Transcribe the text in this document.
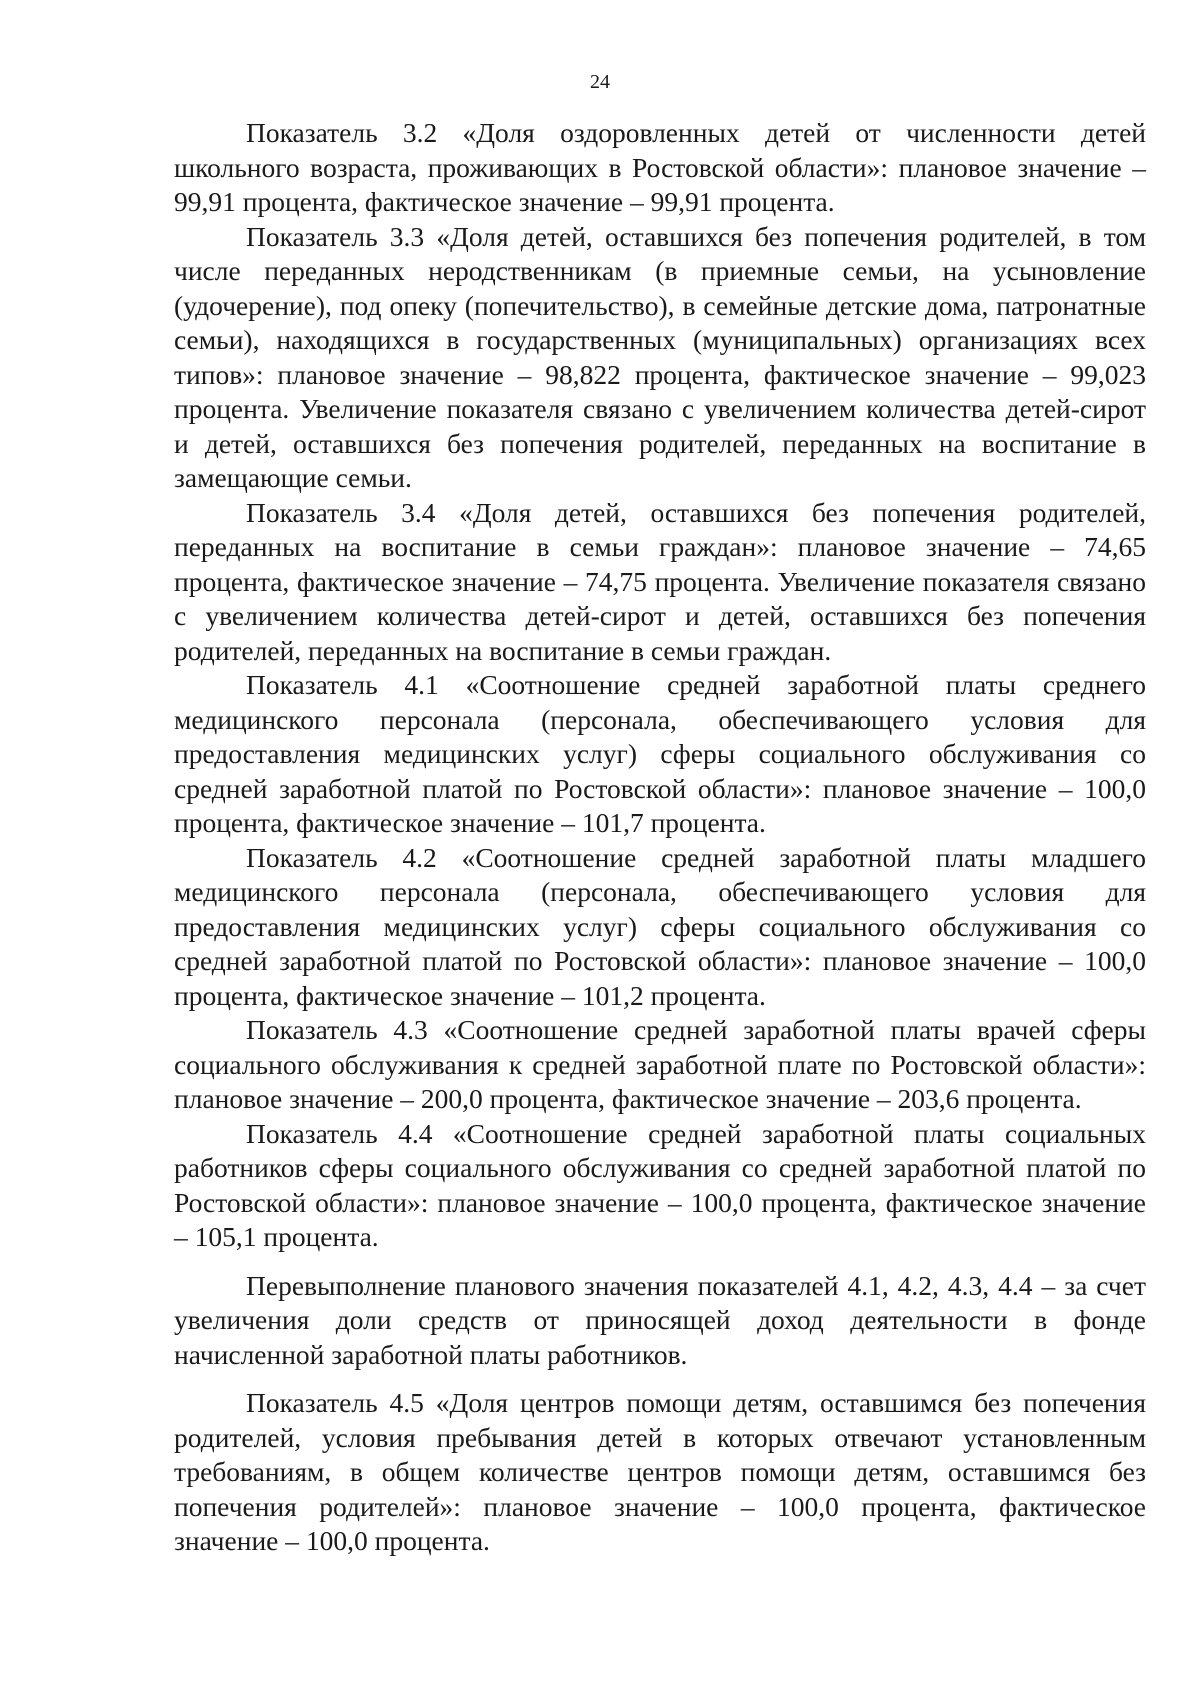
24

Показатель 3.2 «Доля оздоровленных детей от численности детей школьного возраста, проживающих в Ростовской области»: плановое значение – 99,91 процента, фактическое значение – 99,91 процента.

Показатель 3.3 «Доля детей, оставшихся без попечения родителей, в том числе переданных неродственникам (в приемные семьи, на усыновление (удочерение), под опеку (попечительство), в семейные детские дома, патронатные семьи), находящихся в государственных (муниципальных) организациях всех типов»: плановое значение – 98,822 процента, фактическое значение – 99,023 процента. Увеличение показателя связано с увеличением количества детей-сирот и детей, оставшихся без попечения родителей, переданных на воспитание в замещающие семьи.

Показатель 3.4 «Доля детей, оставшихся без попечения родителей, переданных на воспитание в семьи граждан»: плановое значение – 74,65 процента, фактическое значение – 74,75 процента. Увеличение показателя связано с увеличением количества детей-сирот и детей, оставшихся без попечения родителей, переданных на воспитание в семьи граждан.

Показатель 4.1 «Соотношение средней заработной платы среднего медицинского персонала (персонала, обеспечивающего условия для предоставления медицинских услуг) сферы социального обслуживания со средней заработной платой по Ростовской области»: плановое значение – 100,0 процента, фактическое значение – 101,7 процента.

Показатель 4.2 «Соотношение средней заработной платы младшего медицинского персонала (персонала, обеспечивающего условия для предоставления медицинских услуг) сферы социального обслуживания со средней заработной платой по Ростовской области»: плановое значение – 100,0 процента, фактическое значение – 101,2 процента.

Показатель 4.3 «Соотношение средней заработной платы врачей сферы социального обслуживания к средней заработной плате по Ростовской области»: плановое значение – 200,0 процента, фактическое значение – 203,6 процента.

Показатель 4.4 «Соотношение средней заработной платы социальных работников сферы социального обслуживания со средней заработной платой по Ростовской области»: плановое значение – 100,0 процента, фактическое значение – 105,1 процента.

Перевыполнение планового значения показателей 4.1, 4.2, 4.3, 4.4 – за счет увеличения доли средств от приносящей доход деятельности в фонде начисленной заработной платы работников.

Показатель 4.5 «Доля центров помощи детям, оставшимся без попечения родителей, условия пребывания детей в которых отвечают установленным требованиям, в общем количестве центров помощи детям, оставшимся без попечения родителей»: плановое значение – 100,0 процента, фактическое значение – 100,0 процента.
